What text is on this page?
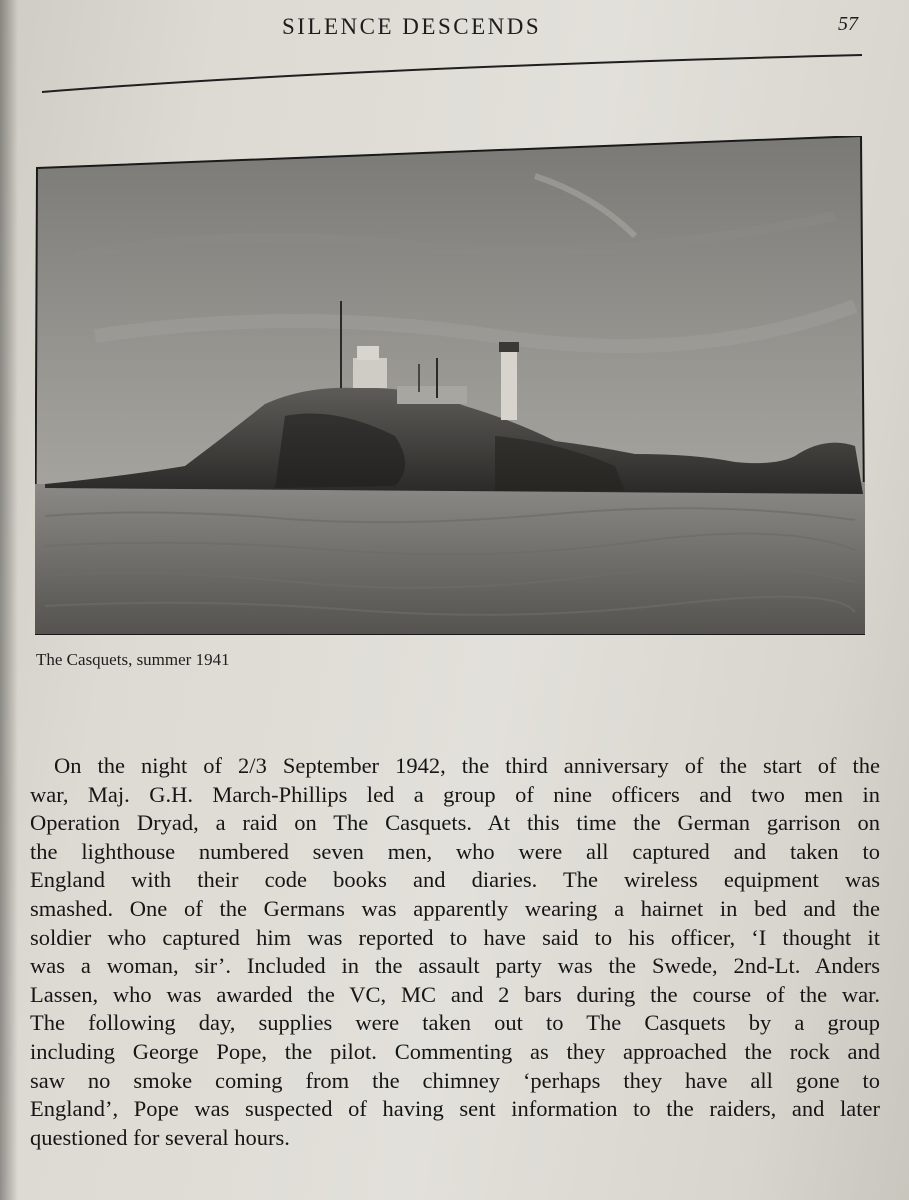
SILENCE DESCENDS	57
The Casquets, summer 1941
On the night of 2/3 September 1942, the third anniversary of the start of the
war, Maj. G.H. March-Phillips led a group of nine officers and two men in
Operation Dryad, a raid on The Casquets. At this time the German garrison on
the lighthouse numbered seven men, who were all captured and taken to
England with their code books and diaries. The wireless equipment was
smashed. One of the Germans was apparently wearing a hairnet in bed and the
soldier who captured him was reported to have said to his officer, ‘I thought it
was a woman, sir’. Included in the assault party was the Swede, 2nd-Lt. Anders
Lassen, who was awarded the VC, MC and 2 bars during the course of the war.
The following day, supplies were taken out to The Casquets by a group
including George Pope, the pilot. Commenting as they approached the rock and
saw no smoke coming from the chimney ‘perhaps they have all gone to
England’, Pope was suspected of having sent information to the raiders, and later
questioned for several hours.
